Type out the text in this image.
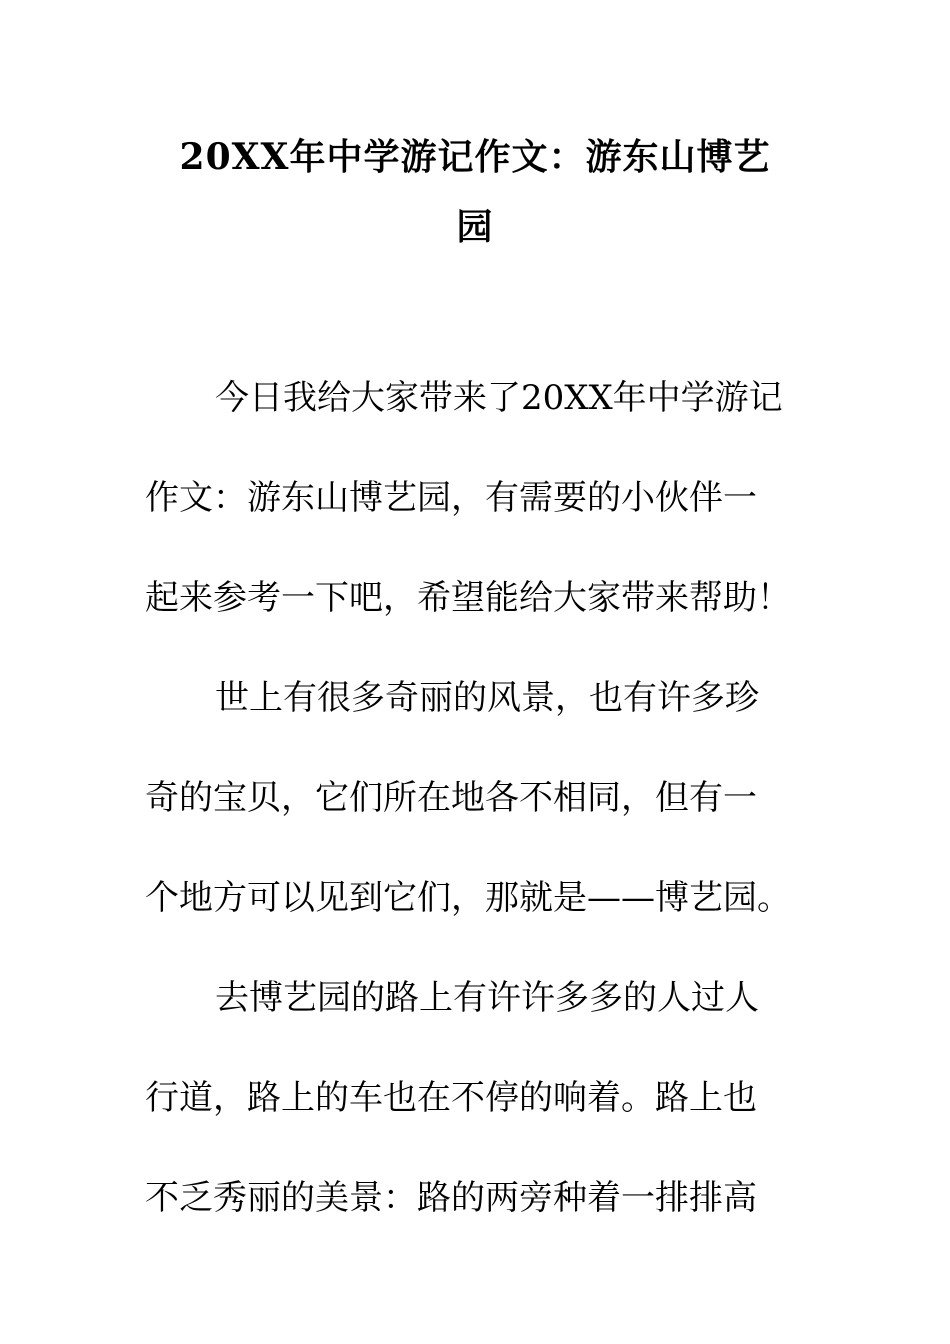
20XX年中学游记作文：游东山博艺
园
今日我给大家带来了20XX年中学游记
作文：游东山博艺园，有需要的小伙伴一
起来参考一下吧，希望能给大家带来帮助！
世上有很多奇丽的风景，也有许多珍
奇的宝贝，它们所在地各不相同，但有一
个地方可以见到它们，那就是——博艺园。
去博艺园的路上有许许多多的人过人
行道，路上的车也在不停的响着。路上也
不乏秀丽的美景：路的两旁种着一排排高
